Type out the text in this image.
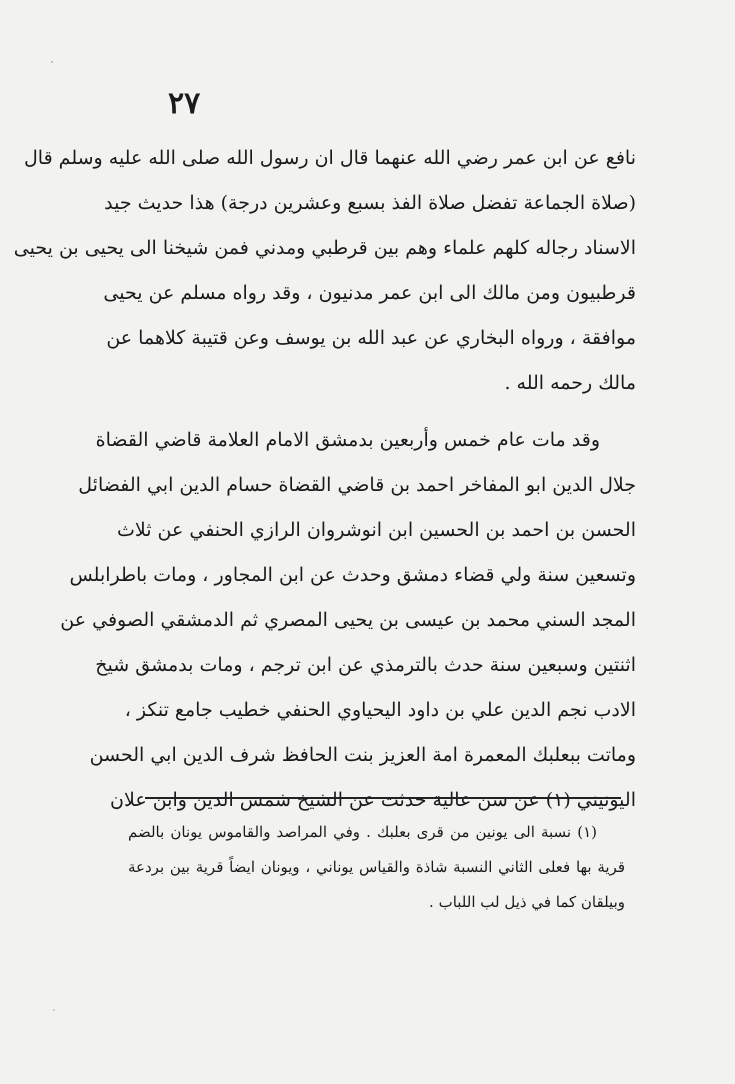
٢٧
نافع عن ابن عمر رضي الله عنهما قال ان رسول الله صلى الله عليه وسلم قال
(صلاة الجماعة تفضل صلاة الفذ بسبع وعشرين درجة) هذا حديث جيد
الاسناد رجاله كلهم علماء وهم بين قرطبي ومدني فمن شيخنا الى يحيى بن يحيى
قرطبيون ومن مالك الى ابن عمر مدنيون ، وقد رواه مسلم عن يحيى
موافقة ، ورواه البخاري عن عبد الله بن يوسف وعن قتيبة كلاهما عن
مالك رحمه الله .
وقد مات عام خمس وأربعين بدمشق الامام العلامة قاضي القضاة
جلال الدين ابو المفاخر احمد بن قاضي القضاة حسام الدين ابي الفضائل
الحسن بن احمد بن الحسين ابن انوشروان الرازي الحنفي عن ثلاث
وتسعين سنة ولي قضاء دمشق وحدث عن ابن المجاور ، ومات باطرابلس
المجد السني محمد بن عيسى بن يحيى المصري ثم الدمشقي الصوفي عن
اثنتين وسبعين سنة حدث بالترمذي عن ابن ترجم ، ومات بدمشق شيخ
الادب نجم الدين علي بن داود اليحياوي الحنفي خطيب جامع تنكز ،
وماتت ببعلبك المعمرة امة العزيز بنت الحافظ شرف الدين ابي الحسن
اليونيني (١) عن سن عالية حدثت عن الشيخ شمس الدين وابن علان
(١) نسبة الى يونين من قرى بعلبك . وفي المراصد والقاموس يونان بالضم
قرية بها فعلى الثاني النسبة شاذة والقياس يوناني ، ويونان ايضاً قرية بين بردعة
وبيلقان كما في ذيل لب اللباب .
